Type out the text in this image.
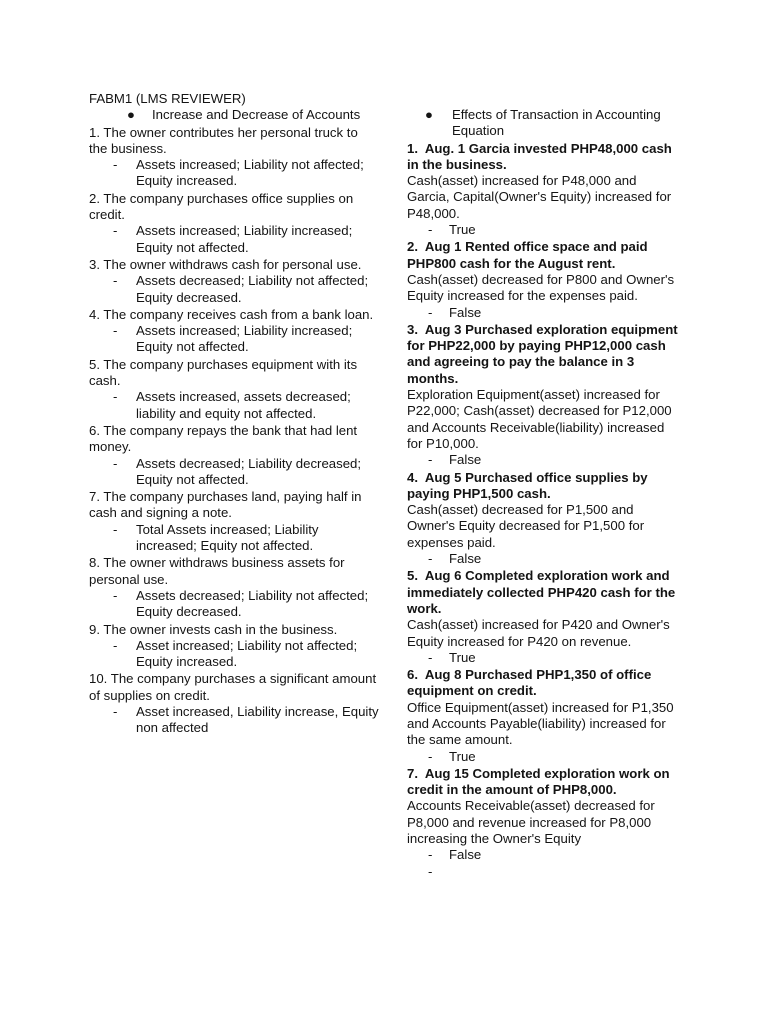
FABM1 (LMS REVIEWER)

● Increase and Decrease of Accounts

1. The owner contributes her personal truck to the business.

- Assets increased; Liability not affected; Equity increased.

2. The company purchases office supplies on credit.

- Assets increased; Liability increased; Equity not affected.

3. The owner withdraws cash for personal use.

- Assets decreased; Liability not affected; Equity decreased.

4. The company receives cash from a bank loan.

- Assets increased; Liability increased; Equity not affected.

5. The company purchases equipment with its cash.

- Assets increased, assets decreased; liability and equity not affected.

6. The company repays the bank that had lent money.

- Assets decreased; Liability decreased; Equity not affected.

7. The company purchases land, paying half in cash and signing a note.

- Total Assets increased; Liability increased; Equity not affected.

8. The owner withdraws business assets for personal use.

- Assets decreased; Liability not affected; Equity decreased.

9. The owner invests cash in the business.

- Asset increased; Liability not affected; Equity increased.

10. The company purchases a significant amount of supplies on credit.

- Asset increased, Liability increase, Equity non affected

● Effects of Transaction in Accounting Equation

1. Aug. 1 Garcia invested PHP48,000 cash in the business.

Cash(asset) increased for P48,000 and Garcia, Capital(Owner's Equity) increased for P48,000.

- True

2. Aug 1 Rented office space and paid PHP800 cash for the August rent.

Cash(asset) decreased for P800 and Owner's Equity increased for the expenses paid.

- False

3. Aug 3 Purchased exploration equipment for PHP22,000 by paying PHP12,000 cash and agreeing to pay the balance in 3 months.

Exploration Equipment(asset) increased for P22,000; Cash(asset) decreased for P12,000 and Accounts Receivable(liability) increased for P10,000.

- False

4. Aug 5 Purchased office supplies by paying PHP1,500 cash.

Cash(asset) decreased for P1,500 and Owner's Equity decreased for P1,500 for expenses paid.

- False

5. Aug 6 Completed exploration work and immediately collected PHP420 cash for the work.

Cash(asset) increased for P420 and Owner's Equity increased for P420 on revenue.

- True

6. Aug 8 Purchased PHP1,350 of office equipment on credit.

Office Equipment(asset) increased for P1,350 and Accounts Payable(liability) increased for the same amount.

- True

7. Aug 15 Completed exploration work on credit in the amount of PHP8,000.

Accounts Receivable(asset) decreased for P8,000 and revenue increased for P8,000 increasing the Owner's Equity

- False

-
